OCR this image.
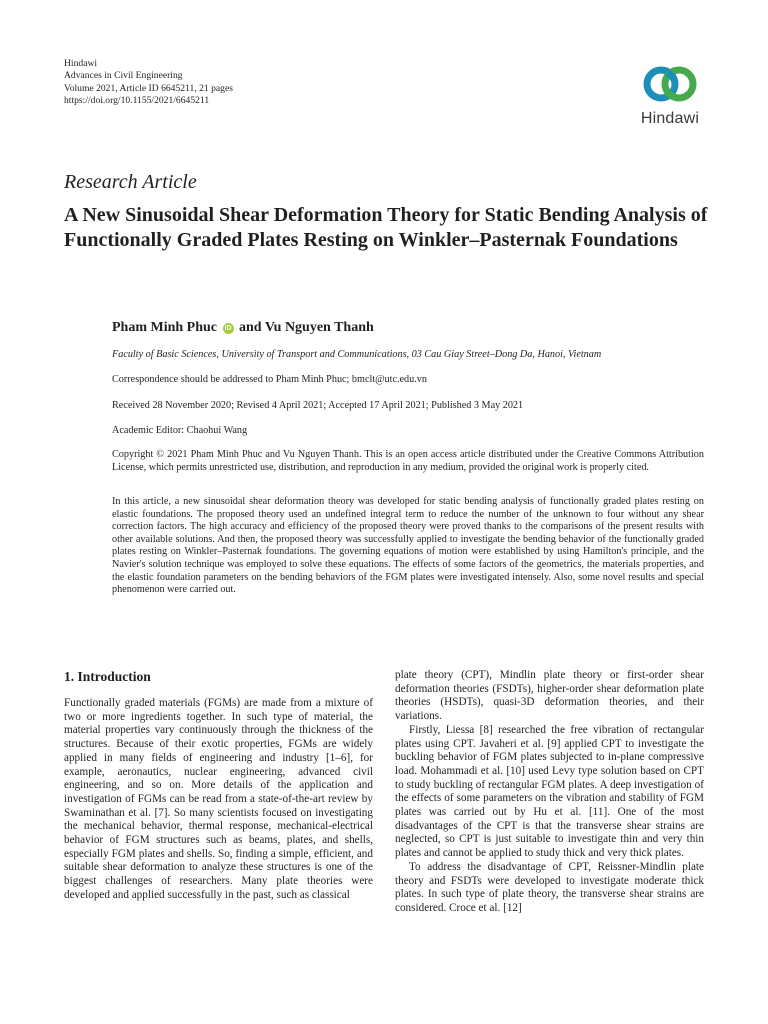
Hindawi
Advances in Civil Engineering
Volume 2021, Article ID 6645211, 21 pages
https://doi.org/10.1155/2021/6645211
Hindawi
Research Article
A New Sinusoidal Shear Deformation Theory for Static Bending Analysis of Functionally Graded Plates Resting on Winkler–Pasternak Foundations
Pham Minh Phuc iD and Vu Nguyen Thanh
Faculty of Basic Sciences, University of Transport and Communications, 03 Cau Giay Street–Dong Da, Hanoi, Vietnam
Correspondence should be addressed to Pham Minh Phuc; bmclt@utc.edu.vn
Received 28 November 2020; Revised 4 April 2021; Accepted 17 April 2021; Published 3 May 2021
Academic Editor: Chaohui Wang
Copyright © 2021 Pham Minh Phuc and Vu Nguyen Thanh. This is an open access article distributed under the Creative Commons Attribution License, which permits unrestricted use, distribution, and reproduction in any medium, provided the original work is properly cited.
In this article, a new sinusoidal shear deformation theory was developed for static bending analysis of functionally graded plates resting on elastic foundations. The proposed theory used an undefined integral term to reduce the number of the unknown to four without any shear correction factors. The high accuracy and efficiency of the proposed theory were proved thanks to the comparisons of the present results with other available solutions. And then, the proposed theory was successfully applied to investigate the bending behavior of the functionally graded plates resting on Winkler–Pasternak foundations. The governing equations of motion were established by using Hamilton's principle, and the Navier's solution technique was employed to solve these equations. The effects of some factors of the geometrics, the materials properties, and the elastic foundation parameters on the bending behaviors of the FGM plates were investigated intensely. Also, some novel results and special phenomenon were carried out.
1. Introduction

Functionally graded materials (FGMs) are made from a mixture of two or more ingredients together. In such type of material, the material properties vary continuously through the thickness of the structures. Because of their exotic properties, FGMs are widely applied in many fields of engineering and industry [1–6], for example, aeronautics, nuclear engineering, advanced civil engineering, and so on. More details of the application and investigation of FGMs can be read from a state-of-the-art review by Swaminathan et al. [7]. So many scientists focused on investigating the mechanical behavior, thermal response, mechanical-electrical behavior of FGM structures such as beams, plates, and shells, especially FGM plates and shells. So, finding a simple, efficient, and suitable shear deformation to analyze these structures is one of the biggest challenges of researchers. Many plate theories were developed and applied successfully in the past, such as classical

plate theory (CPT), Mindlin plate theory or first-order shear deformation theories (FSDTs), higher-order shear deformation plate theories (HSDTs), quasi-3D deformation theories, and their variations.

Firstly, Liessa [8] researched the free vibration of rectangular plates using CPT. Javaheri et al. [9] applied CPT to investigate the buckling behavior of FGM plates subjected to in-plane compressive load. Mohammadi et al. [10] used Levy type solution based on CPT to study buckling of rectangular FGM plates. A deep investigation of the effects of some parameters on the vibration and stability of FGM plates was carried out by Hu et al. [11]. One of the most disadvantages of the CPT is that the transverse shear strains are neglected, so CPT is just suitable to investigate thin and very thin plates and cannot be applied to study thick and very thick plates.

To address the disadvantage of CPT, Reissner-Mindlin plate theory and FSDTs were developed to investigate moderate thick plates. In such type of plate theory, the transverse shear strains are considered. Croce et al. [12]
